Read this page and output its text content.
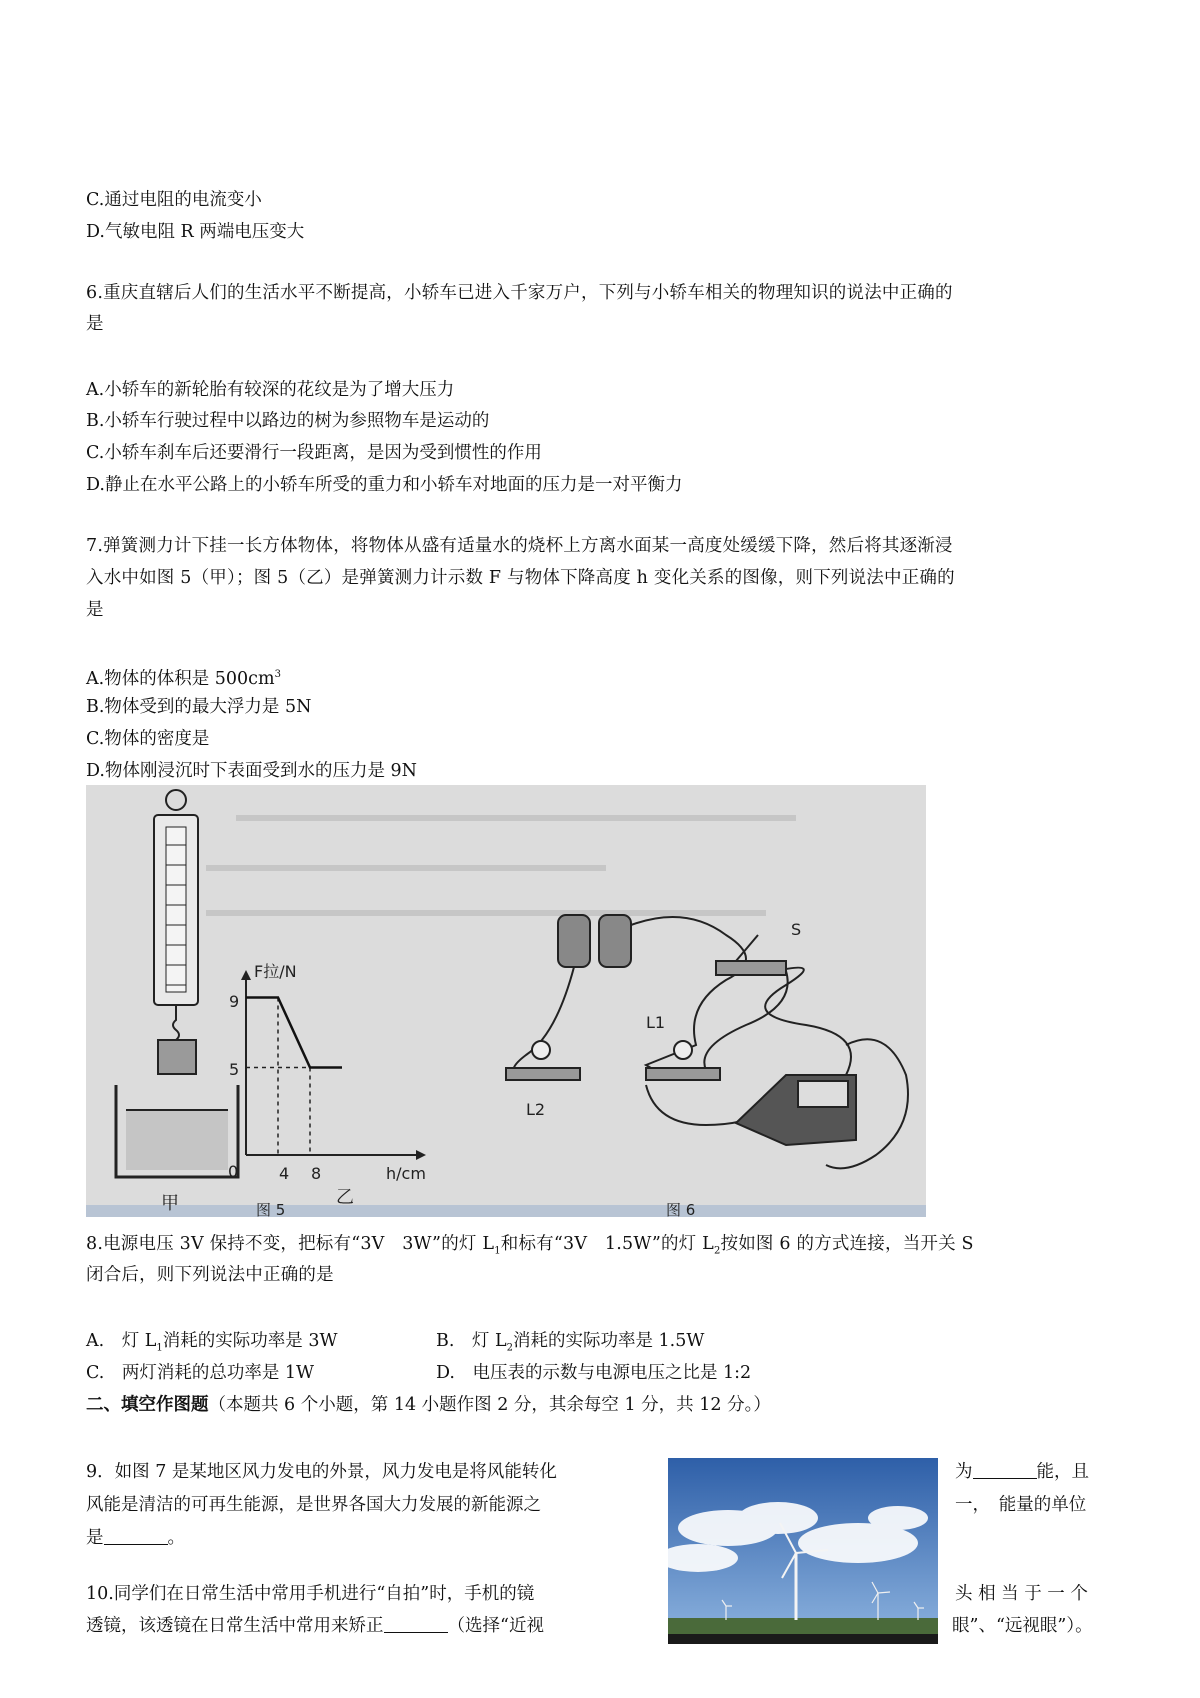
C.通过电阻的电流变小
D.气敏电阻 R 两端电压变大
6.重庆直辖后人们的生活水平不断提高，小轿车已进入千家万户，下列与小轿车相关的物理知识的说法中正确的
是
A.小轿车的新轮胎有较深的花纹是为了增大压力
B.小轿车行驶过程中以路边的树为参照物车是运动的
C.小轿车刹车后还要滑行一段距离，是因为受到惯性的作用
D.静止在水平公路上的小轿车所受的重力和小轿车对地面的压力是一对平衡力
7.弹簧测力计下挂一长方体物体，将物体从盛有适量水的烧杯上方离水面某一高度处缓缓下降，然后将其逐渐浸
入水中如图 5（甲）；图 5（乙）是弹簧测力计示数 F 与物体下降高度 h 变化关系的图像，则下列说法中正确的
是
A.物体的体积是 $500cm^3$
B.物体受到的最大浮力是 5N
C.物体的密度是
D.物体刚浸沉时下表面受到水的压力是 9N
甲
F拉/N
h/cm
9
5
0	4 8
乙
图 5
S
L1
L2
图 6
8.电源电压 3V 保持不变，把标有“3V　3W”的灯 $L_1$和标有“3V　1.5W”的灯 $L_2$按如图 6 的方式连接，当开关 S
闭合后，则下列说法中正确的是
A.　灯 $L_1$消耗的实际功率是 3W	B.　灯 $L_2$消耗的实际功率是 1.5W
C.　两灯消耗的总功率是 1W	D.　电压表的示数与电源电压之比是 1:2
二、填空作图题（本题共 6 个小题，第 14 小题作图 2 分，其余每空 1 分，共 12 分。）
9．如图 7 是某地区风力发电的外景，风力发电是将风能转化	为	能，且
风能是清洁的可再生能源，是世界各国大力发展的新能源之	一，　能量的单位
是	。
10.同学们在日常生活中常用手机进行“自拍”时，手机的镜	头 相 当 于 一 个
透镜，该透镜在日常生活中常用来矫正	（选择“近视	眼”、“远视眼”）。
